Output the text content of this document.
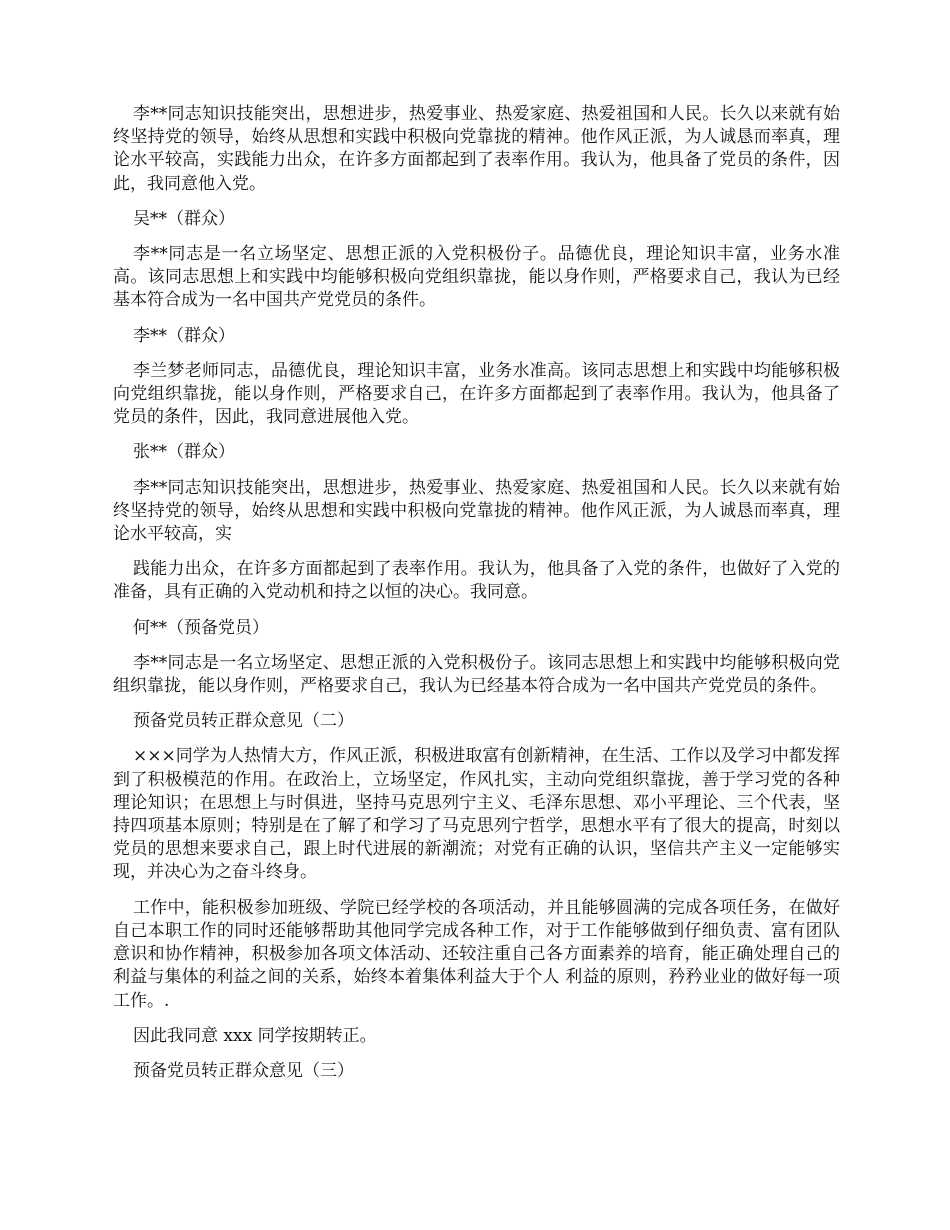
李**同志知识技能突出，思想进步，热爱事业、热爱家庭、热爱祖国和人民。长久以来就有始终坚持党的领导，始终从思想和实践中积极向党靠拢的精神。他作风正派，为人诚恳而率真，理论水平较高，实践能力出众，在许多方面都起到了表率作用。我认为，他具备了党员的条件，因此，我同意他入党。

吴**（群众）

李**同志是一名立场坚定、思想正派的入党积极份子。品德优良，理论知识丰富，业务水准高。该同志思想上和实践中均能够积极向党组织靠拢，能以身作则，严格要求自己，我认为已经基本符合成为一名中国共产党党员的条件。

李**（群众）

李兰梦老师同志，品德优良，理论知识丰富，业务水准高。该同志思想上和实践中均能够积极向党组织靠拢，能以身作则，严格要求自己，在许多方面都起到了表率作用。我认为，他具备了党员的条件，因此，我同意进展他入党。

张**（群众）

李**同志知识技能突出，思想进步，热爱事业、热爱家庭、热爱祖国和人民。长久以来就有始终坚持党的领导，始终从思想和实践中积极向党靠拢的精神。他作风正派，为人诚恳而率真，理论水平较高，实

践能力出众，在许多方面都起到了表率作用。我认为，他具备了入党的条件，也做好了入党的准备，具有正确的入党动机和持之以恒的决心。我同意。

何**（预备党员）

李**同志是一名立场坚定、思想正派的入党积极份子。该同志思想上和实践中均能够积极向党组织靠拢，能以身作则，严格要求自己，我认为已经基本符合成为一名中国共产党党员的条件。

预备党员转正群众意见（二）

×××同学为人热情大方，作风正派，积极进取富有创新精神，在生活、工作以及学习中都发挥到了积极模范的作用。在政治上，立场坚定，作风扎实，主动向党组织靠拢，善于学习党的各种理论知识；在思想上与时俱进，坚持马克思列宁主义、毛泽东思想、邓小平理论、三个代表，坚持四项基本原则；特别是在了解了和学习了马克思列宁哲学，思想水平有了很大的提高，时刻以党员的思想来要求自己，跟上时代进展的新潮流；对党有正确的认识，坚信共产主义一定能够实现，并决心为之奋斗终身。

工作中，能积极参加班级、学院已经学校的各项活动，并且能够圆满的完成各项任务，在做好自己本职工作的同时还能够帮助其他同学完成各种工作，对于工作能够做到仔细负责、富有团队意识和协作精神，积极参加各项文体活动、还较注重自己各方面素养的培育，能正确处理自己的利益与集体的利益之间的关系，始终本着集体利益大于个人 利益的原则，矜矜业业的做好每一项工作。.

因此我同意 xxx 同学按期转正。

预备党员转正群众意见（三）
